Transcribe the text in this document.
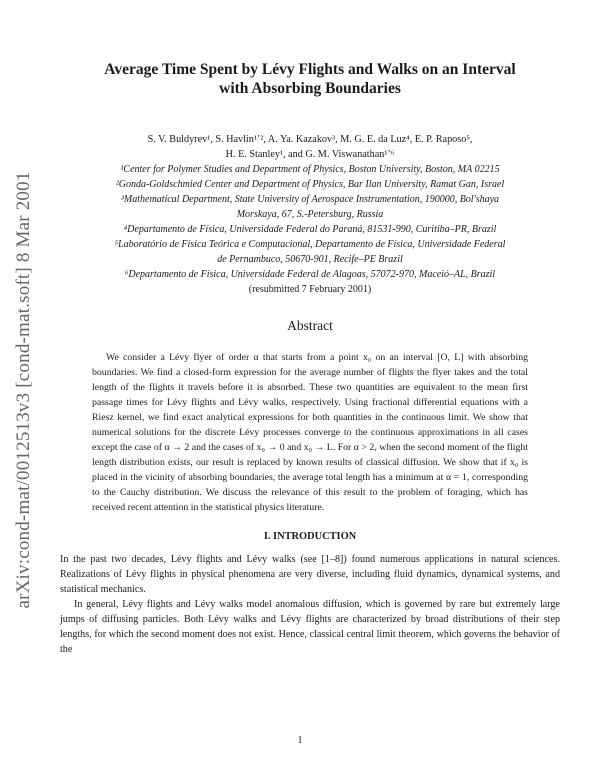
arXiv:cond-mat/0012513v3 [cond-mat.soft] 8 Mar 2001
Average Time Spent by Lévy Flights and Walks on an Interval
with Absorbing Boundaries
S. V. Buldyrev¹, S. Havlin¹ʼ², A. Ya. Kazakov³, M. G. E. da Luz⁴, E. P. Raposo⁵,
H. E. Stanley¹, and G. M. Viswanathan¹ʼ⁶
¹Center for Polymer Studies and Department of Physics, Boston University, Boston, MA 02215
²Gonda-Goldschmied Center and Department of Physics, Bar Ilan University, Ramat Gan, Israel
³Mathematical Department, State University of Aerospace Instrumentation, 190000, Bol'shaya
Morskaya, 67, S.-Petersburg, Russia
⁴Departamento de Física, Universidade Federal do Paraná, 81531-990, Curitiba–PR, Brazil
⁵Laboratório de Física Teórica e Computacional, Departamento de Física, Universidade Federal
de Pernambuco, 50670-901, Recife–PE Brazil
⁶Departamento de Física, Universidade Federal de Alagoas, 57072-970, Maceió–AL, Brazil
(resubmitted 7 February 2001)
Abstract

We consider a Lévy flyer of order α that starts from a point x₀ on an interval [O, L] with absorbing boundaries. We find a closed-form expression for the average number of flights the flyer takes and the total length of the flights it travels before it is absorbed. These two quantities are equivalent to the mean first passage times for Lévy flights and Lévy walks, respectively. Using fractional differential equations with a Riesz kernel, we find exact analytical expressions for both quantities in the continuous limit. We show that numerical solutions for the discrete Lévy processes converge to the continuous approximations in all cases except the case of α → 2 and the cases of x₀ → 0 and x₀ → L. For α > 2, when the second moment of the flight length distribution exists, our result is replaced by known results of classical diffusion. We show that if x₀ is placed in the vicinity of absorbing boundaries, the average total length has a minimum at α = 1, corresponding to the Cauchy distribution. We discuss the relevance of this result to the problem of foraging, which has received recent attention in the statistical physics literature.

I. INTRODUCTION

In the past two decades, Lévy flights and Lévy walks (see [1–8]) found numerous applications in natural sciences. Realizations of Lévy flights in physical phenomena are very diverse, including fluid dynamics, dynamical systems, and statistical mechanics.

In general, Lévy flights and Lévy walks model anomalous diffusion, which is governed by rare but extremely large jumps of diffusing particles. Both Lévy walks and Lévy flights are characterized by broad distributions of their step lengths, for which the second moment does not exist. Hence, classical central limit theorem, which governs the behavior of the

1
